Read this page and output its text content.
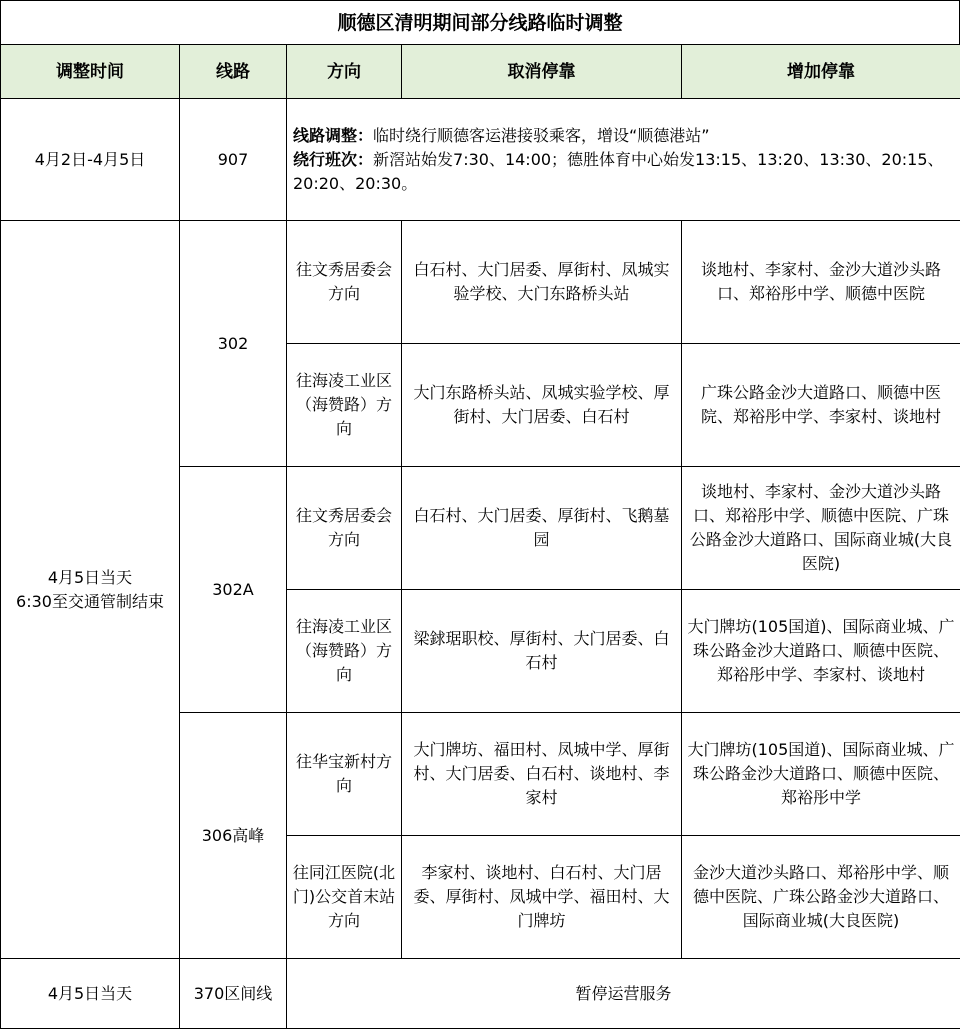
顺德区清明期间部分线路临时调整
调整时间	线路	方向	取消停靠	增加停靠
4月2日-4月5日	907	线路调整：临时绕行顺德客运港接驳乘客，增设“顺德港站”
绕行班次：新滘站始发7:30、14:00；德胜体育中心始发13:15、13:20、13:30、20:15、20:20、20:30。		

4月5日当天
6:30至交通管制结束	302	往文秀居委会方向	白石村、大门居委、厚街村、凤城实验学校、大门东路桥头站	谈地村、李家村、金沙大道沙头路口、郑裕彤中学、顺德中医院
		往海凌工业区（海赞路）方向	大门东路桥头站、凤城实验学校、厚街村、大门居委、白石村	广珠公路金沙大道路口、顺德中医院、郑裕彤中学、李家村、谈地村
	302A	往文秀居委会方向	白石村、大门居委、厚街村、飞鹅墓园	谈地村、李家村、金沙大道沙头路口、郑裕彤中学、顺德中医院、广珠公路金沙大道路口、国际商业城(大良医院)
		往海凌工业区（海赞路）方向	梁銶琚职校、厚街村、大门居委、白石村	大门牌坊(105国道)、国际商业城、广珠公路金沙大道路口、顺德中医院、郑裕彤中学、李家村、谈地村
	306高峰	往华宝新村方向	大门牌坊、福田村、凤城中学、厚街村、大门居委、白石村、谈地村、李家村	大门牌坊(105国道)、国际商业城、广珠公路金沙大道路口、顺德中医院、郑裕彤中学
		往同江医院(北门)公交首末站方向	李家村、谈地村、白石村、大门居委、厚街村、凤城中学、福田村、大门牌坊	金沙大道沙头路口、郑裕彤中学、顺德中医院、广珠公路金沙大道路口、国际商业城(大良医院)
4月5日当天	370区间线	暂停运营服务		
